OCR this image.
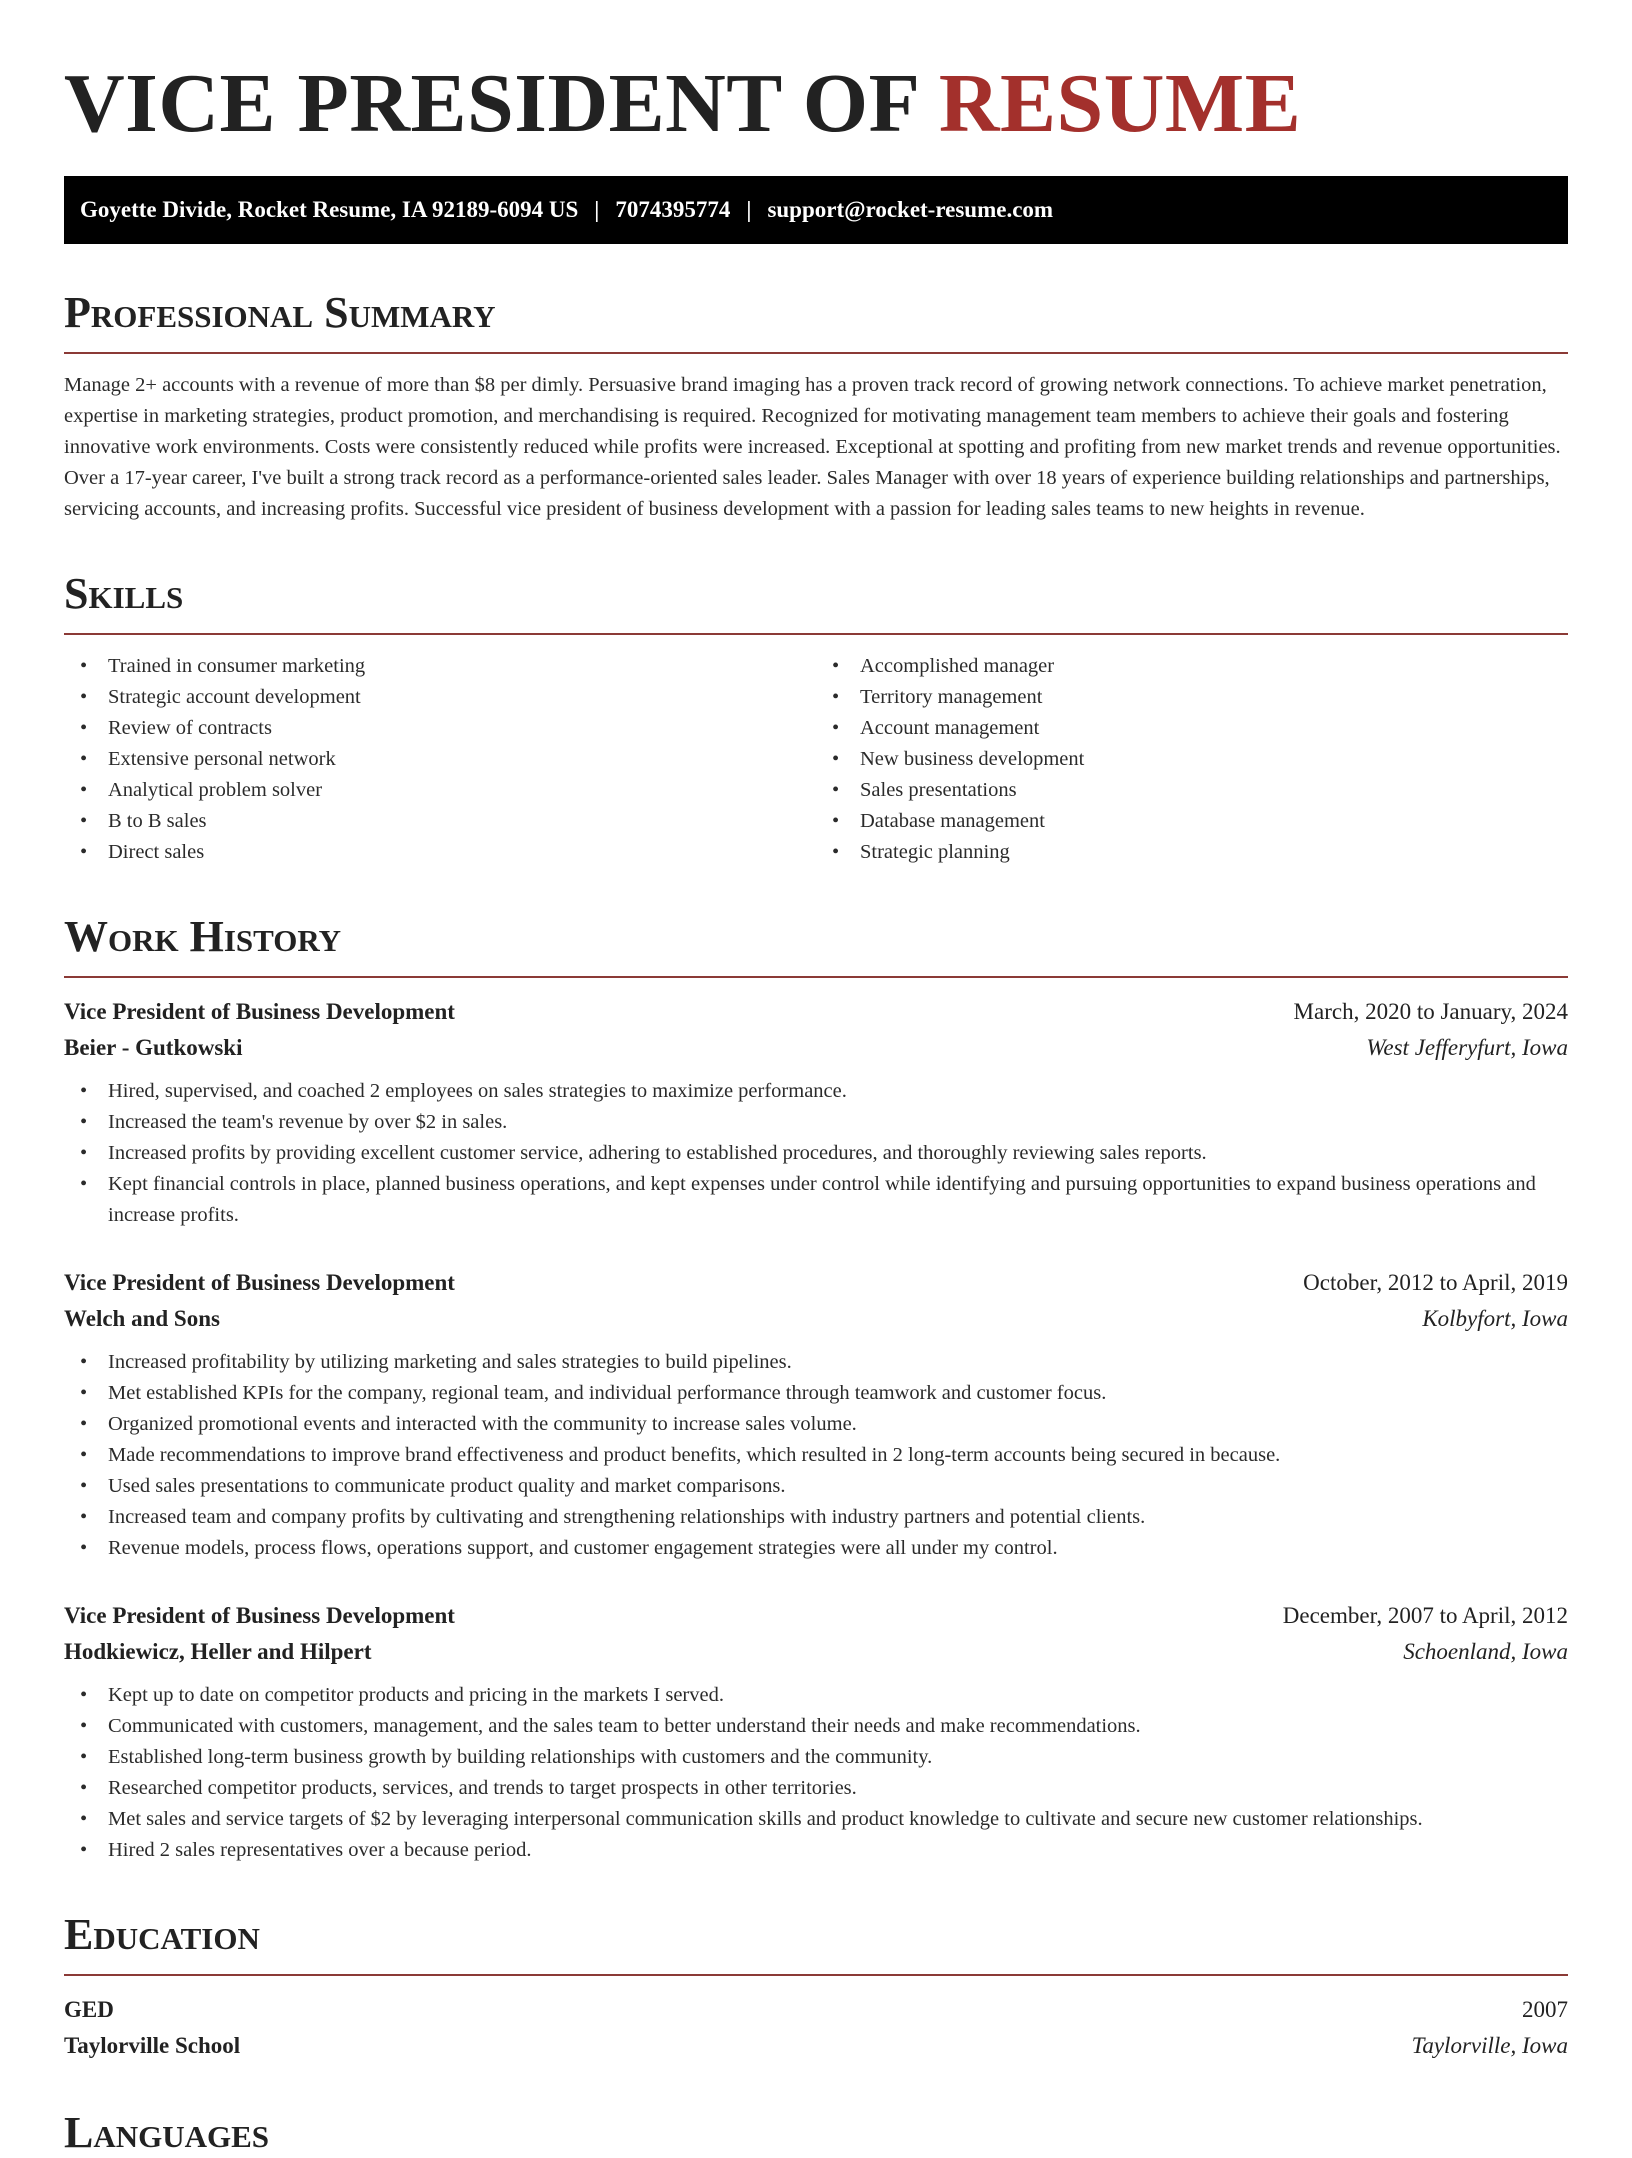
VICE PRESIDENT OF RESUME
Goyette Divide, Rocket Resume, IA 92189-6094 US | 7074395774 | support@rocket-resume.com
Professional Summary

Manage 2+ accounts with a revenue of more than $8 per dimly. Persuasive brand imaging has a proven track record of growing network connections. To achieve market penetration, expertise in marketing strategies, product promotion, and merchandising is required. Recognized for motivating management team members to achieve their goals and fostering innovative work environments. Costs were consistently reduced while profits were increased. Exceptional at spotting and profiting from new market trends and revenue opportunities. Over a 17-year career, I've built a strong track record as a performance-oriented sales leader. Sales Manager with over 18 years of experience building relationships and partnerships, servicing accounts, and increasing profits. Successful vice president of business development with a passion for leading sales teams to new heights in revenue.

Skills
• Trained in consumer marketing
• Strategic account development
• Review of contracts
• Extensive personal network
• Analytical problem solver
• B to B sales
• Direct sales
• Accomplished manager
• Territory management
• Account management
• New business development
• Sales presentations
• Database management
• Strategic planning
Work History
Vice President of Business Development	March, 2020 to January, 2024
Beier - Gutkowski	West Jefferyfurt, Iowa
• Hired, supervised, and coached 2 employees on sales strategies to maximize performance.
• Increased the team's revenue by over $2 in sales.
• Increased profits by providing excellent customer service, adhering to established procedures, and thoroughly reviewing sales reports.
• Kept financial controls in place, planned business operations, and kept expenses under control while identifying and pursuing opportunities to expand business operations and increase profits.
Vice President of Business Development	October, 2012 to April, 2019
Welch and Sons	Kolbyfort, Iowa
• Increased profitability by utilizing marketing and sales strategies to build pipelines.
• Met established KPIs for the company, regional team, and individual performance through teamwork and customer focus.
• Organized promotional events and interacted with the community to increase sales volume.
• Made recommendations to improve brand effectiveness and product benefits, which resulted in 2 long-term accounts being secured in because.
• Used sales presentations to communicate product quality and market comparisons.
• Increased team and company profits by cultivating and strengthening relationships with industry partners and potential clients.
• Revenue models, process flows, operations support, and customer engagement strategies were all under my control.
Vice President of Business Development	December, 2007 to April, 2012
Hodkiewicz, Heller and Hilpert	Schoenland, Iowa
• Kept up to date on competitor products and pricing in the markets I served.
• Communicated with customers, management, and the sales team to better understand their needs and make recommendations.
• Established long-term business growth by building relationships with customers and the community.
• Researched competitor products, services, and trends to target prospects in other territories.
• Met sales and service targets of $2 by leveraging interpersonal communication skills and product knowledge to cultivate and secure new customer relationships.
• Hired 2 sales representatives over a because period.
Education
GED	2007
Taylorville School	Taylorville, Iowa
Languages
